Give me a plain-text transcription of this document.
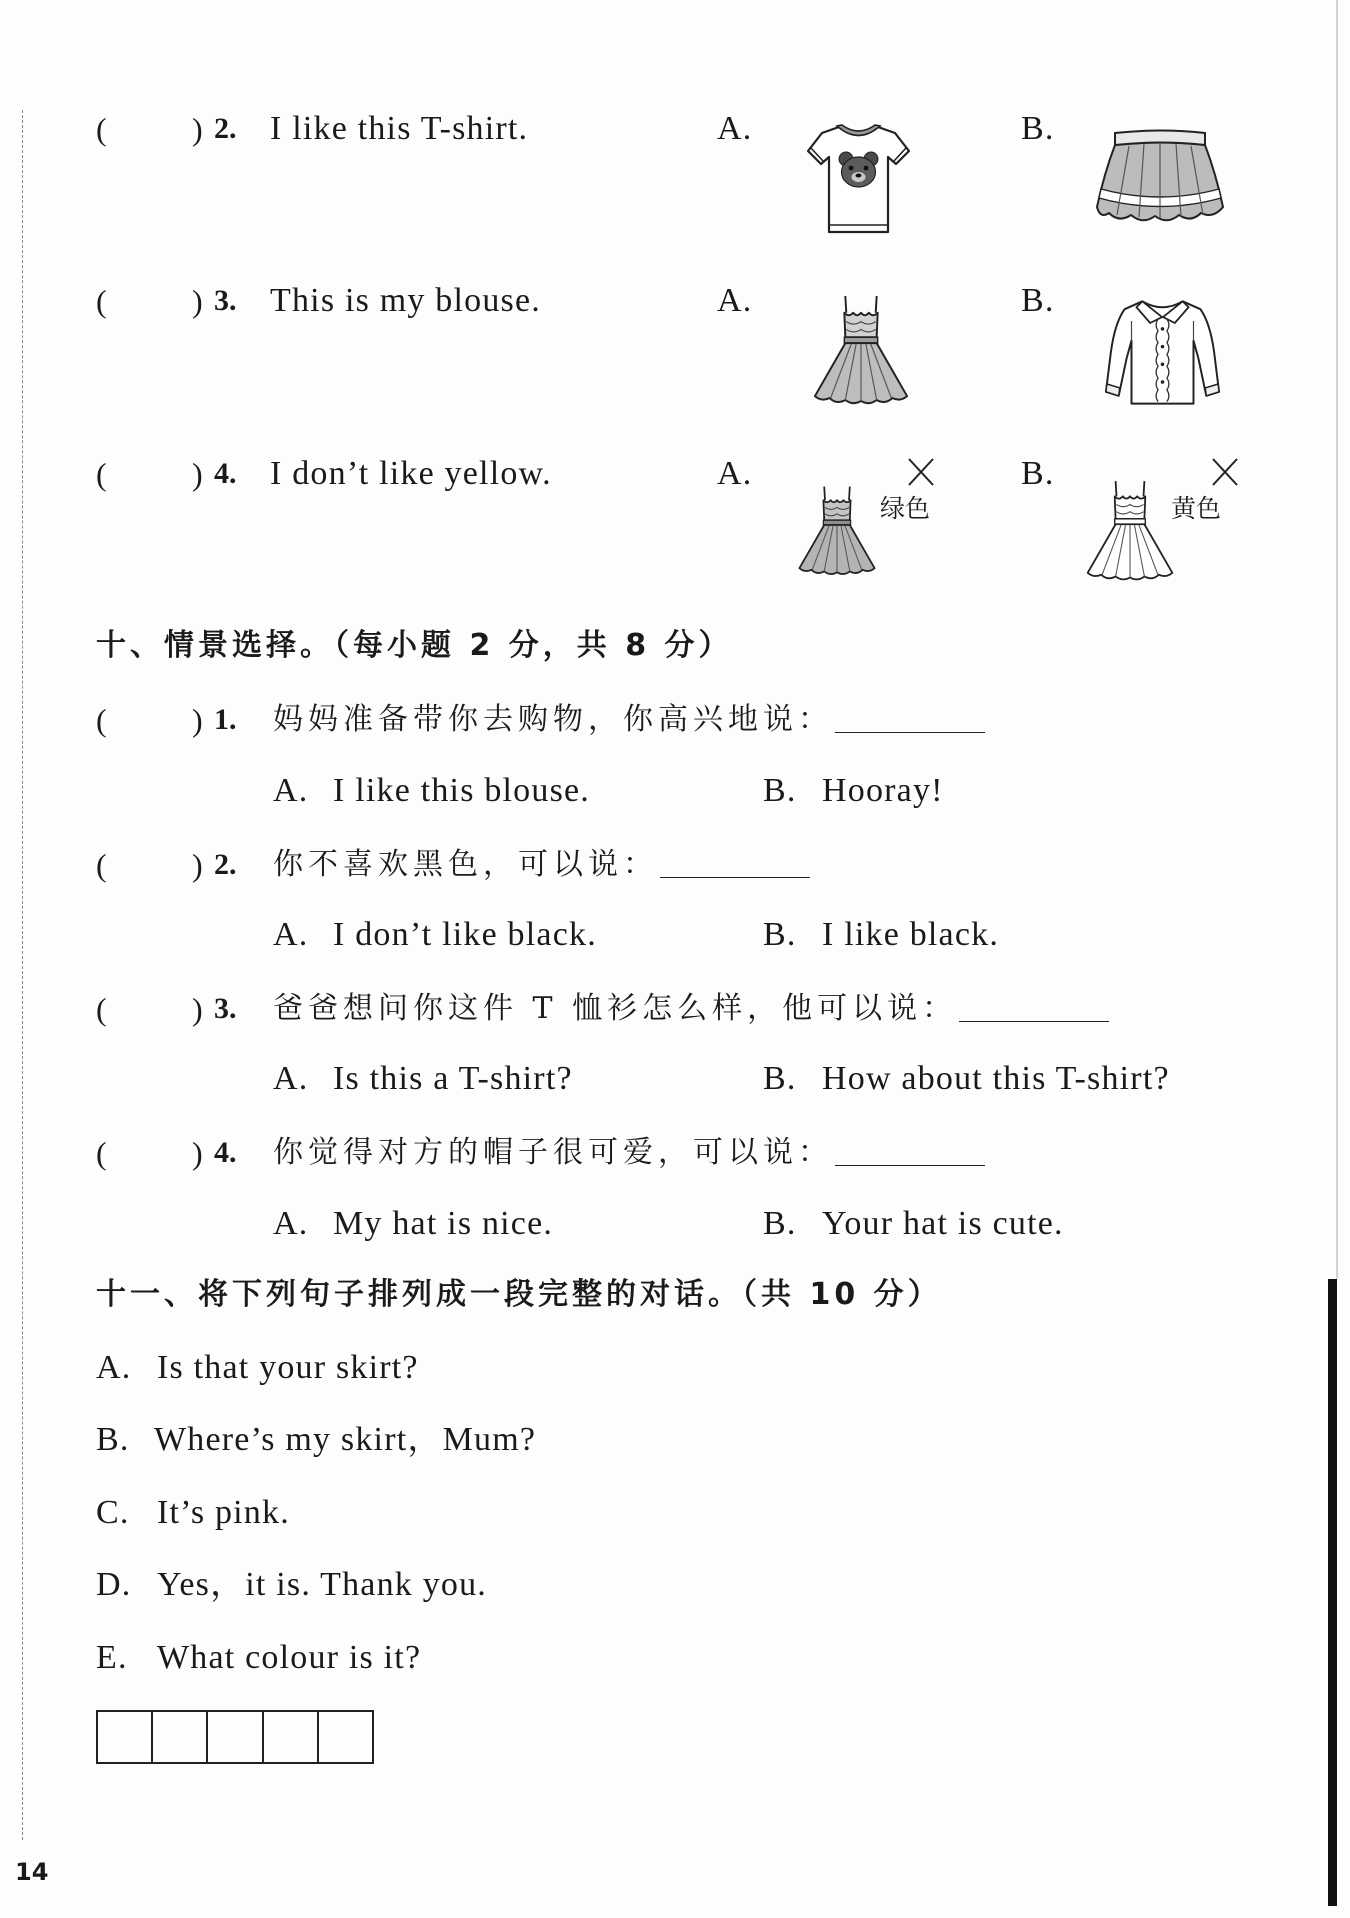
(	) 2. I like this T-shirt.	A.	B.
(	) 3. This is my blouse.	A.	B.
(	) 4. I don’t like yellow.	A.	B.
绿色	黄色
十、情景选择。（每小题 2 分，共 8 分）
(	) 1. 妈妈准备带你去购物，你高兴地说：
A. I like this blouse.	B. Hooray!
(	) 2. 你不喜欢黑色，可以说：
A. I don’t like black.	B. I like black.
(	) 3. 爸爸想问你这件 T 恤衫怎么样，他可以说：
A. Is this a T-shirt?	B. How about this T-shirt?
(	) 4. 你觉得对方的帽子很可爱，可以说：
A. My hat is nice.	B. Your hat is cute.
十一、将下列句子排列成一段完整的对话。（共 10 分）
A. Is that your skirt?
B. Where’s my skirt，Mum?
C. It’s pink.
D. Yes，it is. Thank you.
E. What colour is it?
14
